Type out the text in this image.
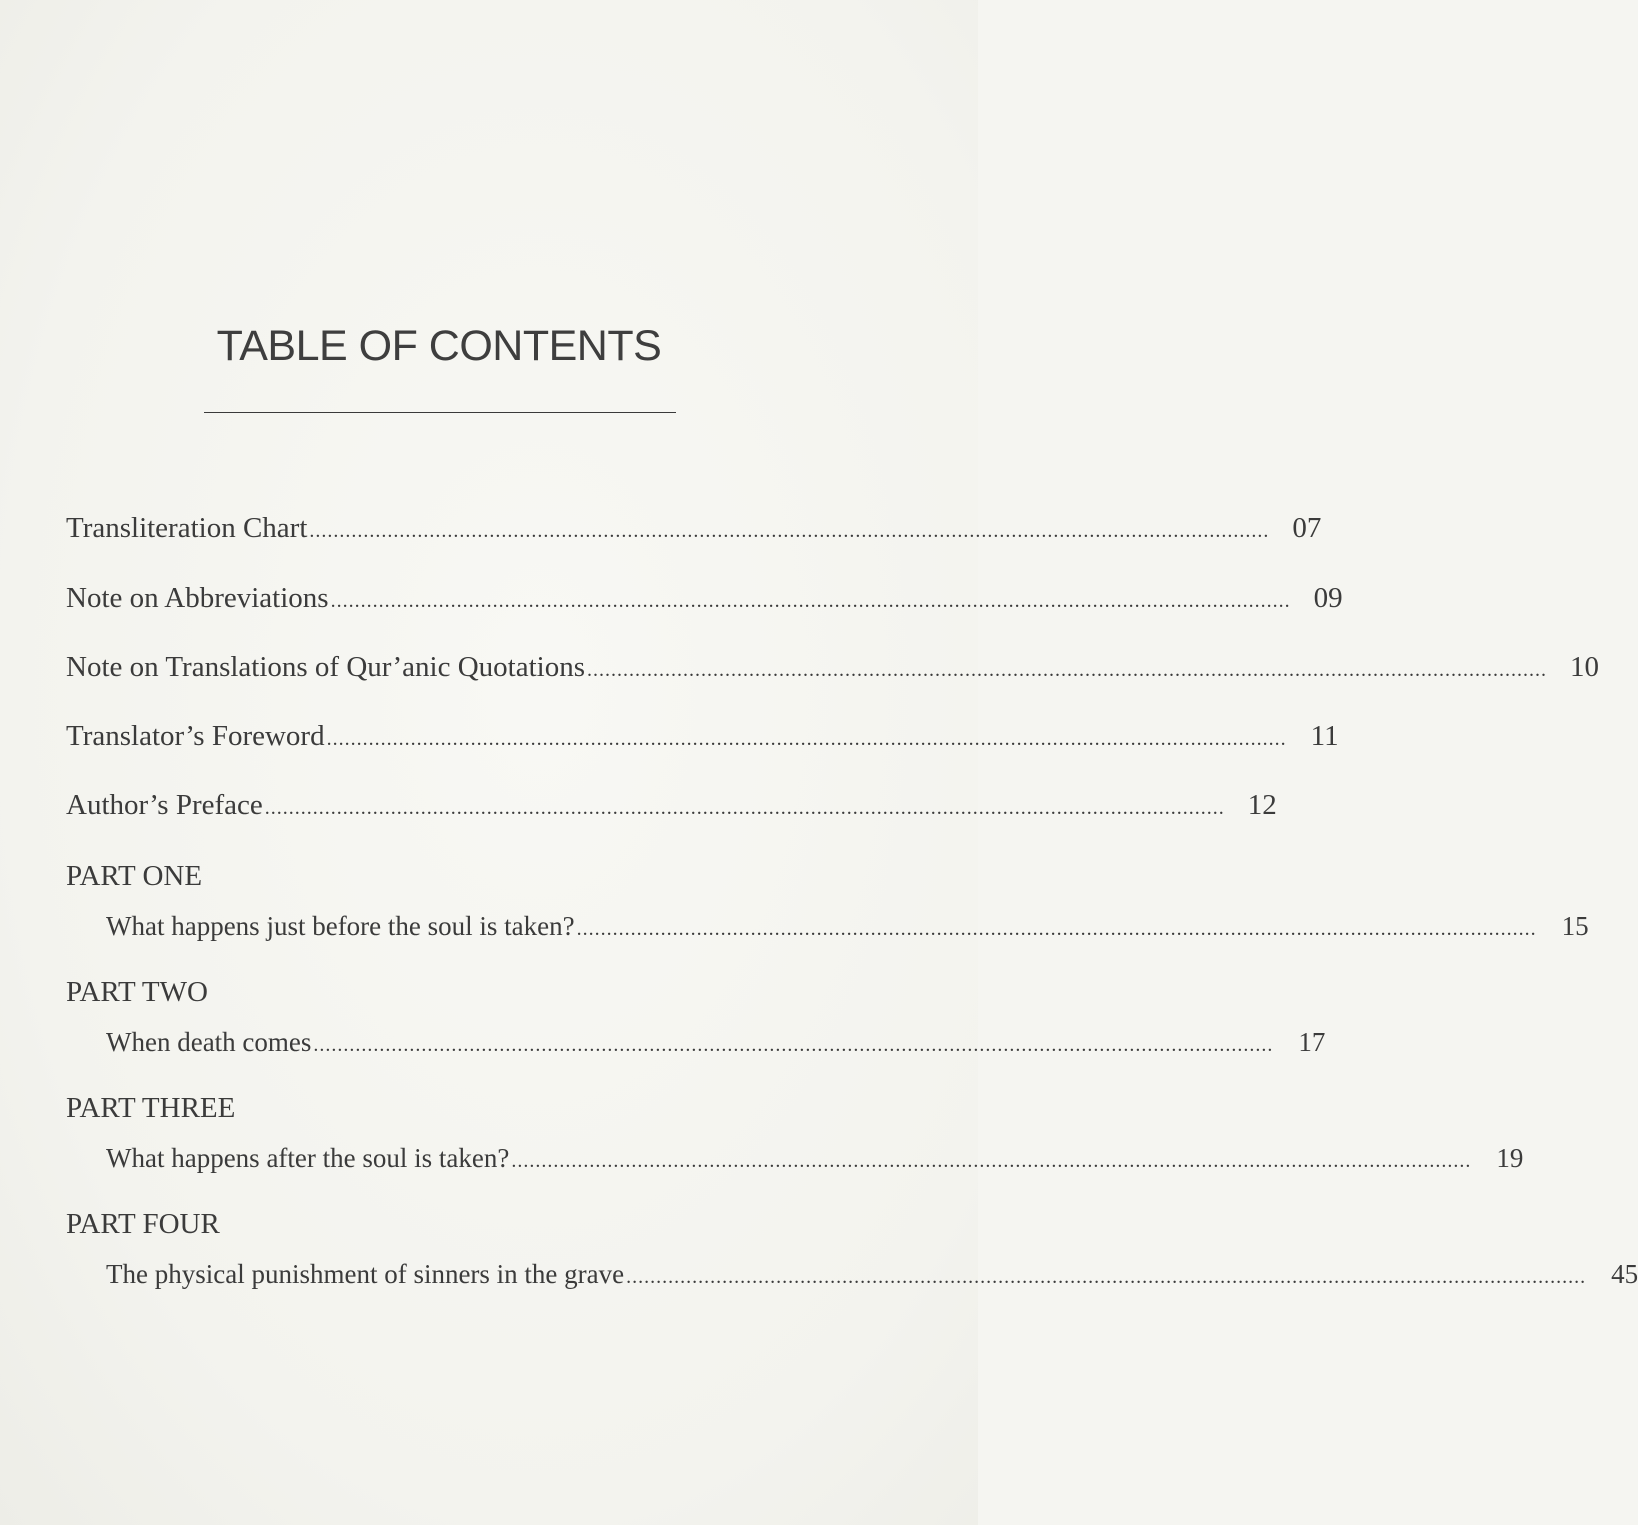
TABLE OF CONTENTS
Transliteration Chart ................................................................................................................................................................ 07
Note on Abbreviations ................................................................................................................................................................ 09
Note on Translations of Qur’anic Quotations ................................................................................................................................................................ 10
Translator’s Foreword ................................................................................................................................................................ 11
Author’s Preface ................................................................................................................................................................ 12
PART ONE
What happens just before the soul is taken? ................................................................................................................................................................ 15
PART TWO
When death comes ................................................................................................................................................................ 17
PART THREE
What happens after the soul is taken? ................................................................................................................................................................ 19
PART FOUR
The physical punishment of sinners in the grave ................................................................................................................................................................ 45
